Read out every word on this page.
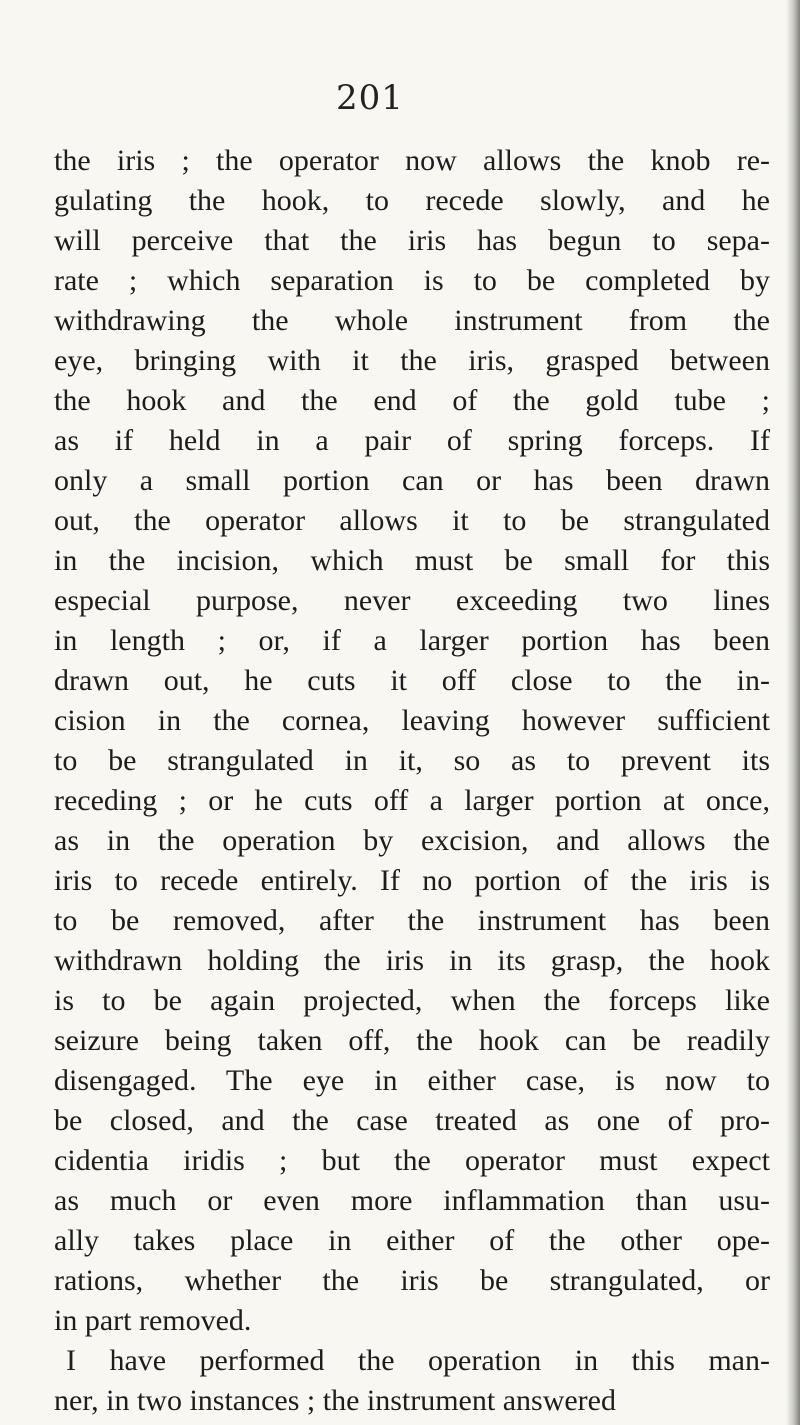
201
the iris ; the operator now allows the knob re-
gulating the hook, to recede slowly, and he
will perceive that the iris has begun to sepa-
rate ; which separation is to be completed by
withdrawing the whole instrument from the
eye, bringing with it the iris, grasped between
the hook and the end of the gold tube ;
as if held in a pair of spring forceps. If
only a small portion can or has been drawn
out, the operator allows it to be strangulated
in the incision, which must be small for this
especial purpose, never exceeding two lines
in length ; or, if a larger portion has been
drawn out, he cuts it off close to the in-
cision in the cornea, leaving however sufficient
to be strangulated in it, so as to prevent its
receding ; or he cuts off a larger portion at once,
as in the operation by excision, and allows the
iris to recede entirely. If no portion of the iris is
to be removed, after the instrument has been
withdrawn holding the iris in its grasp, the hook
is to be again projected, when the forceps like
seizure being taken off, the hook can be readily
disengaged. The eye in either case, is now to
be closed, and the case treated as one of pro-
cidentia iridis ; but the operator must expect
as much or even more inflammation than usu-
ally takes place in either of the other ope-
rations, whether the iris be strangulated, or
in part removed.
I have performed the operation in this man-
ner, in two instances ; the instrument answered
